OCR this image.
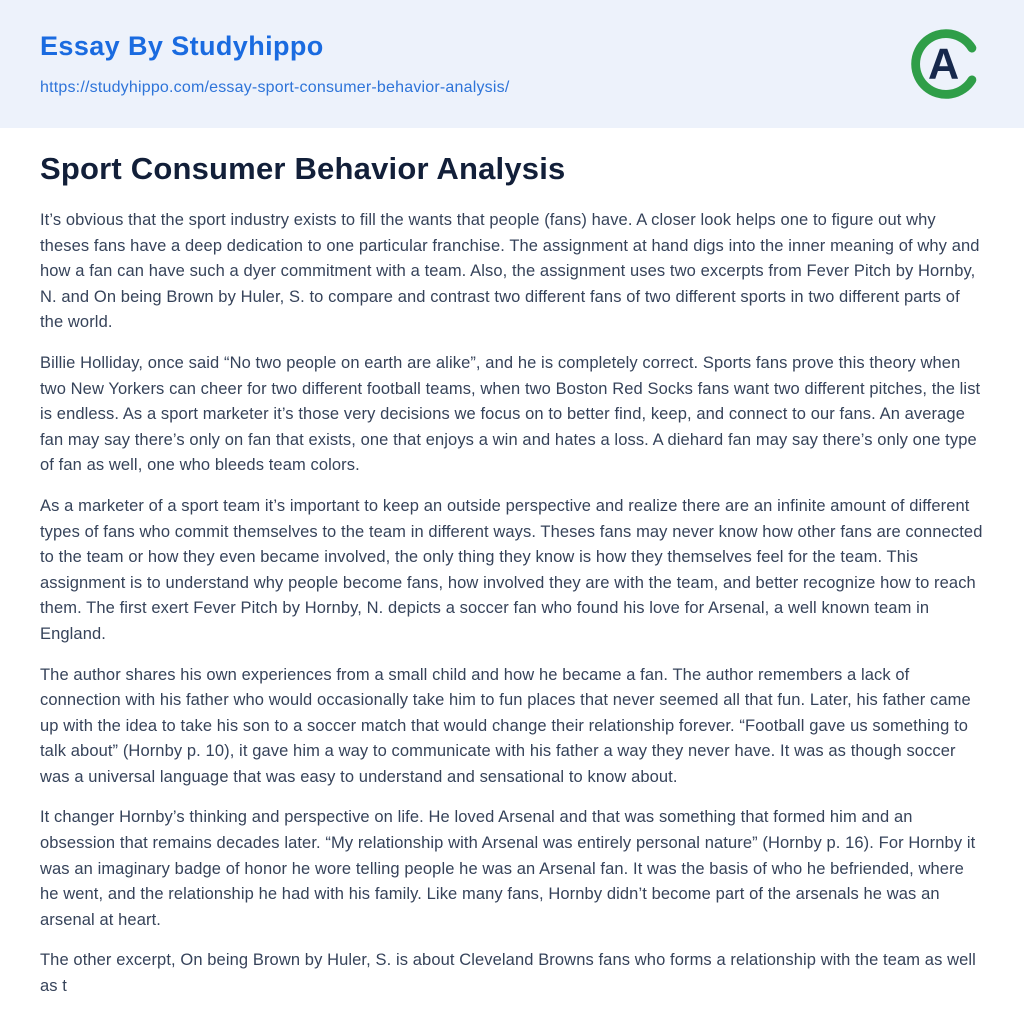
Essay By Studyhippo
https://studyhippo.com/essay-sport-consumer-behavior-analysis/	A
Sport Consumer Behavior Analysis

It’s obvious that the sport industry exists to fill the wants that people (fans) have. A closer look helps one to figure out why theses fans have a deep dedication to one particular franchise. The assignment at hand digs into the inner meaning of why and how a fan can have such a dyer commitment with a team. Also, the assignment uses two excerpts from Fever Pitch by Hornby, N. and On being Brown by Huler, S. to compare and contrast two different fans of two different sports in two different parts of the world.

Billie Holliday, once said “No two people on earth are alike”, and he is completely correct. Sports fans prove this theory when two New Yorkers can cheer for two different football teams, when two Boston Red Socks fans want two different pitches, the list is endless. As a sport marketer it’s those very decisions we focus on to better find, keep, and connect to our fans. An average fan may say there’s only on fan that exists, one that enjoys a win and hates a loss. A diehard fan may say there’s only one type of fan as well, one who bleeds team colors.

As a marketer of a sport team it’s important to keep an outside perspective and realize there are an infinite amount of different types of fans who commit themselves to the team in different ways. Theses fans may never know how other fans are connected to the team or how they even became involved, the only thing they know is how they themselves feel for the team. This assignment is to understand why people become fans, how involved they are with the team, and better recognize how to reach them. The first exert Fever Pitch by Hornby, N. depicts a soccer fan who found his love for Arsenal, a well known team in England.

The author shares his own experiences from a small child and how he became a fan. The author remembers a lack of connection with his father who would occasionally take him to fun places that never seemed all that fun. Later, his father came up with the idea to take his son to a soccer match that would change their relationship forever. “Football gave us something to talk about” (Hornby p. 10), it gave him a way to communicate with his father a way they never have. It was as though soccer was a universal language that was easy to understand and sensational to know about.

It changer Hornby’s thinking and perspective on life. He loved Arsenal and that was something that formed him and an obsession that remains decades later. “My relationship with Arsenal was entirely personal nature” (Hornby p. 16). For Hornby it was an imaginary badge of honor he wore telling people he was an Arsenal fan. It was the basis of who he befriended, where he went, and the relationship he had with his family. Like many fans, Hornby didn’t become part of the arsenals he was an arsenal at heart.

The other excerpt, On being Brown by Huler, S. is about Cleveland Browns fans who forms a relationship with the team as well as t
